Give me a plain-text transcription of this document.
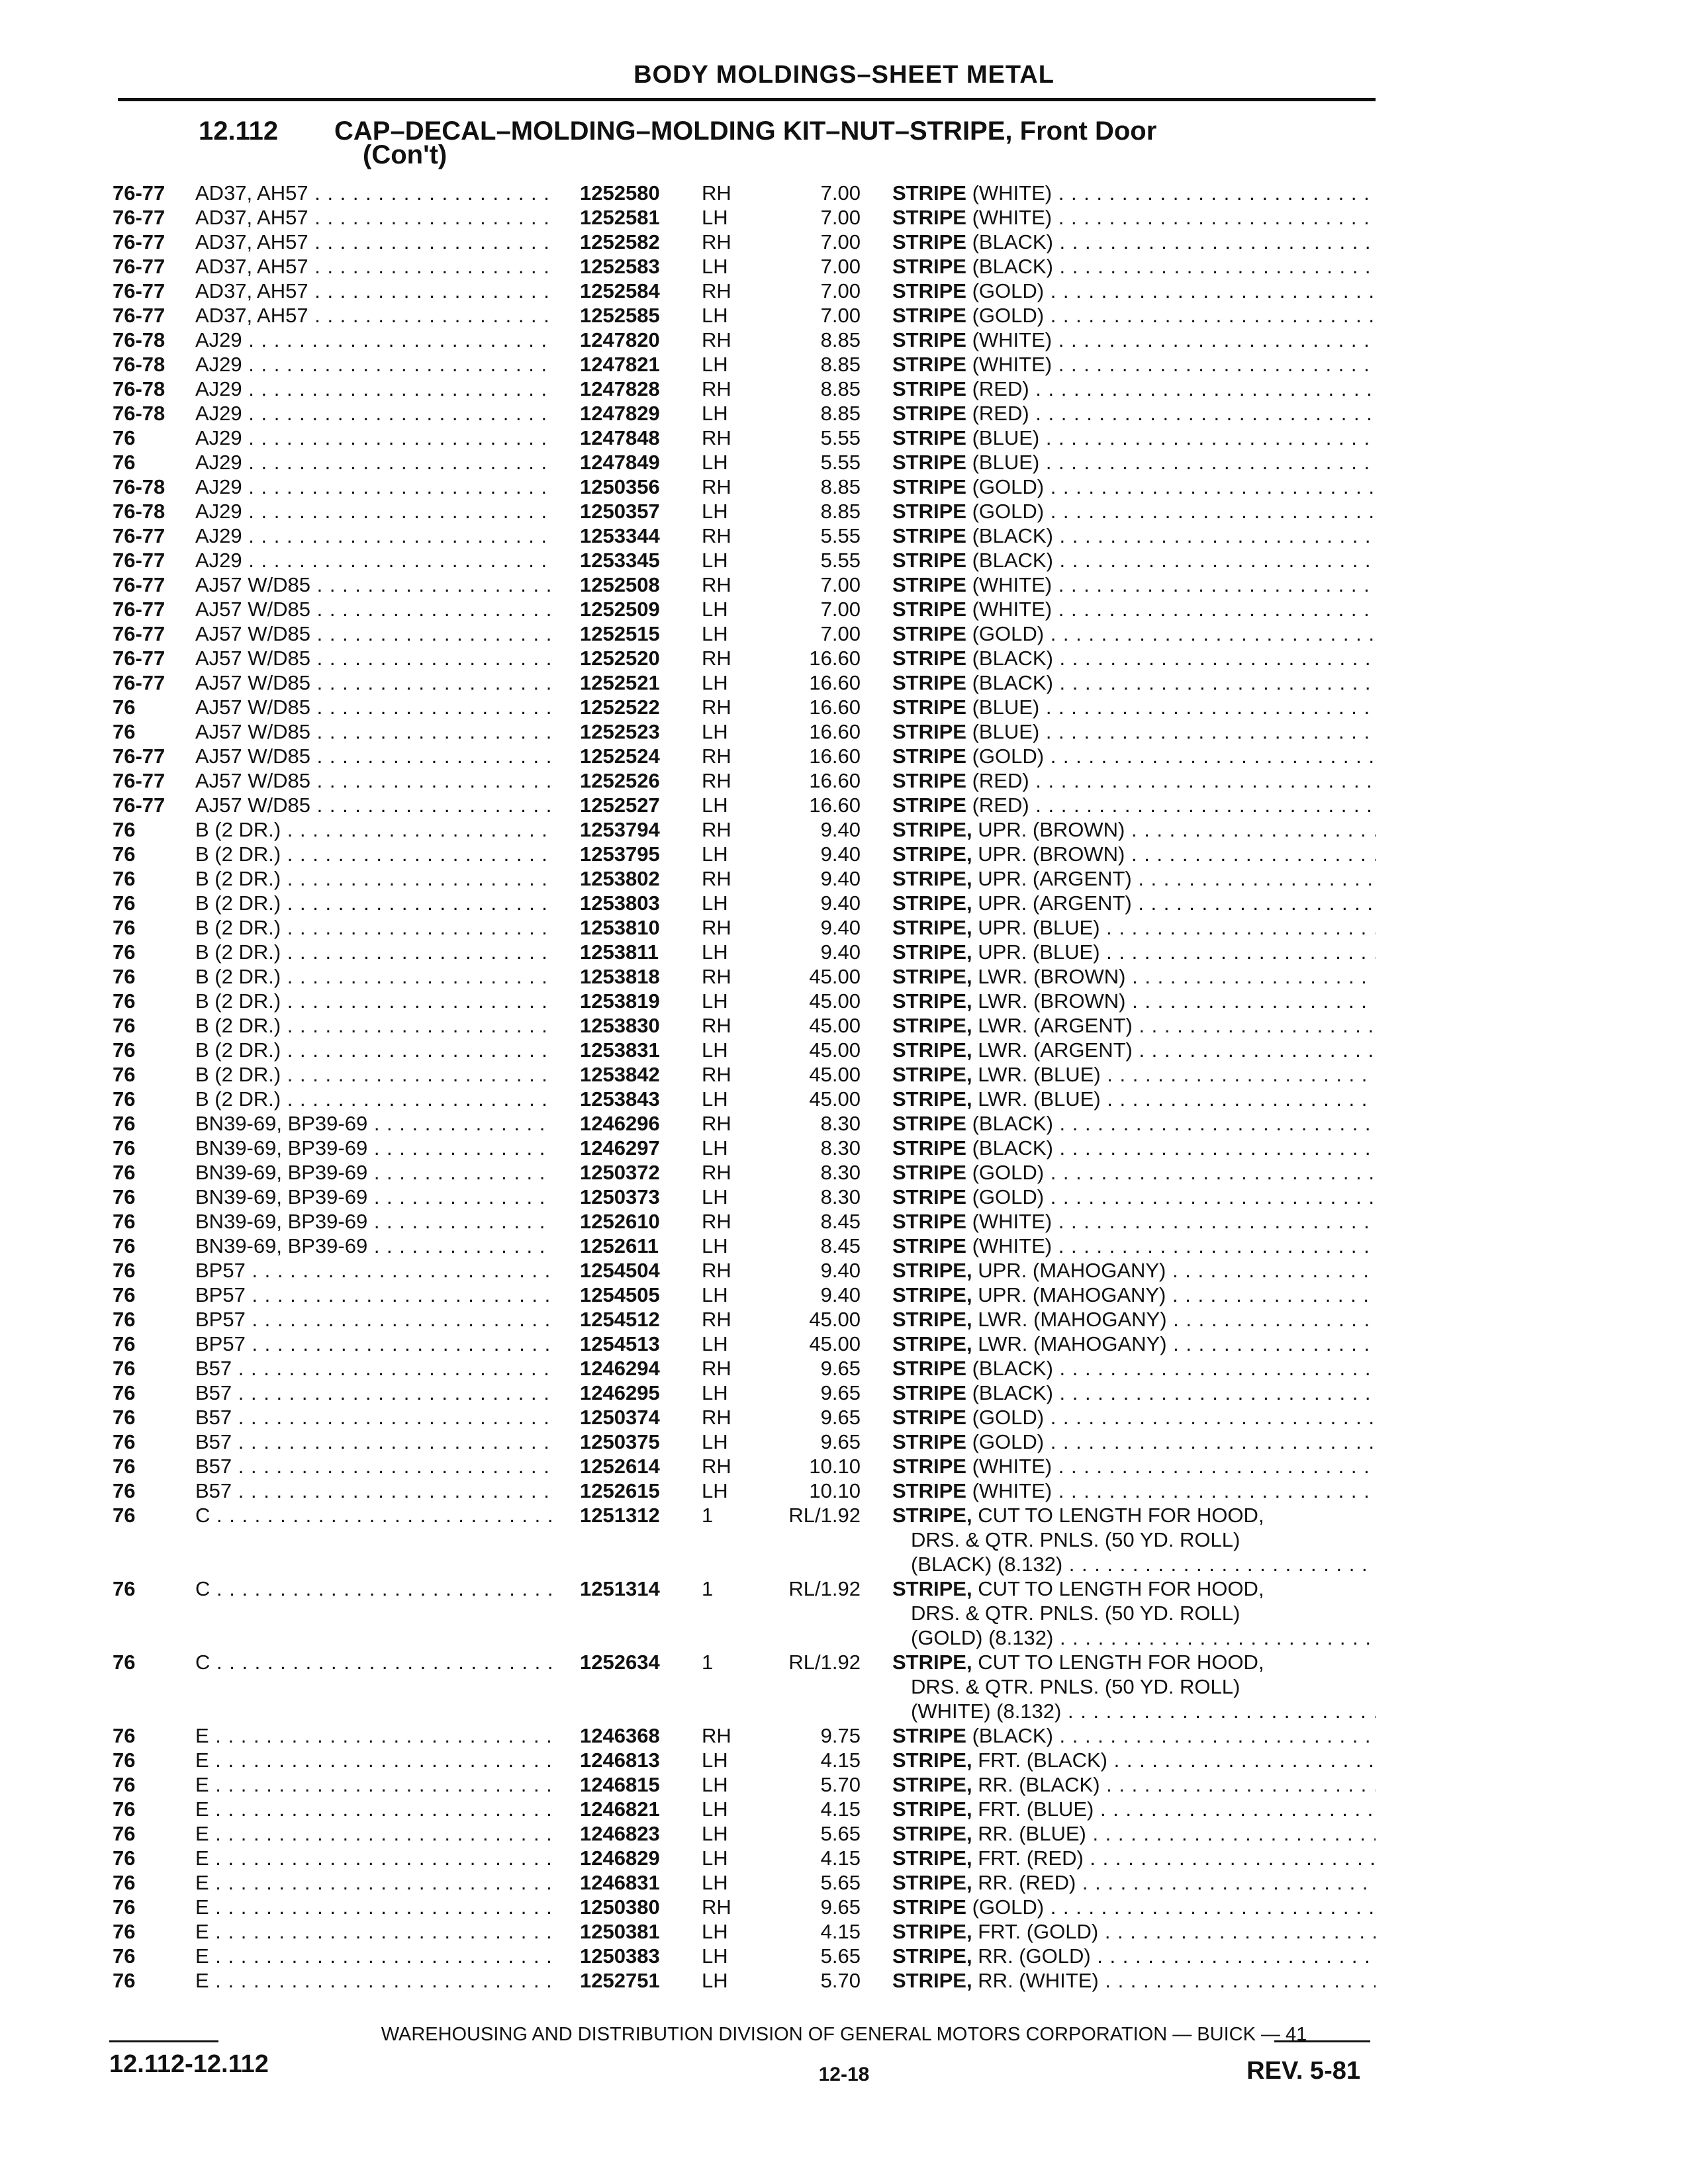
BODY MOLDINGS–SHEET METAL
12.112 CAP–DECAL–MOLDING–MOLDING KIT–NUT–STRIPE, Front Door
(Con't)
76-77 AD37, AH57 . . .	1252580 RH	7.00 STRIPE (WHITE) . . .
76-77 AD37, AH57 . . .	1252581 LH	7.00 STRIPE (WHITE) . . .
76-77 AD37, AH57 . . .	1252582 RH	7.00 STRIPE (BLACK) . . .
76-77 AD37, AH57 . . .	1252583 LH	7.00 STRIPE (BLACK) . . .
76-77 AD37, AH57 . . .	1252584 RH	7.00 STRIPE (GOLD) . . .
76-77 AD37, AH57 . . .	1252585 LH	7.00 STRIPE (GOLD) . . .
76-78 AJ29 . . .	1247820 RH	8.85 STRIPE (WHITE) . . .
76-78 AJ29 . . .	1247821 LH	8.85 STRIPE (WHITE) . . .
76-78 AJ29 . . .	1247828 RH	8.85 STRIPE (RED) . . .
76-78 AJ29 . . .	1247829 LH	8.85 STRIPE (RED) . . .
76	AJ29 . . .	1247848 RH	5.55 STRIPE (BLUE) . . .
76	AJ29 . . .	1247849 LH	5.55 STRIPE (BLUE) . . .
76-78 AJ29 . . .	1250356 RH	8.85 STRIPE (GOLD) . . .
76-78 AJ29 . . .	1250357 LH	8.85 STRIPE (GOLD) . . .
76-77 AJ29 . . .	1253344 RH	5.55 STRIPE (BLACK) . . .
76-77 AJ29 . . .	1253345 LH	5.55 STRIPE (BLACK) . . .
76-77 AJ57 W/D85 . . .	1252508 RH	7.00 STRIPE (WHITE) . . .
76-77 AJ57 W/D85 . . .	1252509 LH	7.00 STRIPE (WHITE) . . .
76-77 AJ57 W/D85 . . .	1252515 LH	7.00 STRIPE (GOLD) . . .
76-77 AJ57 W/D85 . . .	1252520 RH	16.60 STRIPE (BLACK) . . .
76-77 AJ57 W/D85 . . .	1252521 LH	16.60 STRIPE (BLACK) . . .
76	AJ57 W/D85 . . .	1252522 RH	16.60 STRIPE (BLUE) . . .
76	AJ57 W/D85 . . .	1252523 LH	16.60 STRIPE (BLUE) . . .
76-77 AJ57 W/D85 . . .	1252524 RH	16.60 STRIPE (GOLD) . . .
76-77 AJ57 W/D85 . . .	1252526 RH	16.60 STRIPE (RED) . . .
76-77 AJ57 W/D85 . . .	1252527 LH	16.60 STRIPE (RED) . . .
76	B (2 DR.) . . .	1253794 RH	9.40 STRIPE, UPR. (BROWN) . . .
76	B (2 DR.) . . .	1253795 LH	9.40 STRIPE, UPR. (BROWN) . . .
76	B (2 DR.) . . .	1253802 RH	9.40 STRIPE, UPR. (ARGENT) . . .
76	B (2 DR.) . . .	1253803 LH	9.40 STRIPE, UPR. (ARGENT) . . .
76	B (2 DR.) . . .	1253810 RH	9.40 STRIPE, UPR. (BLUE) . . .
76	B (2 DR.) . . .	1253811 LH	9.40 STRIPE, UPR. (BLUE) . . .
76	B (2 DR.) . . .	1253818 RH	45.00 STRIPE, LWR. (BROWN) . . .
76	B (2 DR.) . . .	1253819 LH	45.00 STRIPE, LWR. (BROWN) . . .
76	B (2 DR.) . . .	1253830 RH	45.00 STRIPE, LWR. (ARGENT) . . .
76	B (2 DR.) . . .	1253831 LH	45.00 STRIPE, LWR. (ARGENT) . . .
76	B (2 DR.) . . .	1253842 RH	45.00 STRIPE, LWR. (BLUE) . . .
76	B (2 DR.) . . .	1253843 LH	45.00 STRIPE, LWR. (BLUE) . . .
76	BN39-69, BP39-69 . . .	1246296 RH	8.30 STRIPE (BLACK) . . .
76	BN39-69, BP39-69 . . .	1246297 LH	8.30 STRIPE (BLACK) . . .
76	BN39-69, BP39-69 . . .	1250372 RH	8.30 STRIPE (GOLD) . . .
76	BN39-69, BP39-69 . . .	1250373 LH	8.30 STRIPE (GOLD) . . .
76	BN39-69, BP39-69 . . .	1252610 RH	8.45 STRIPE (WHITE) . . .
76	BN39-69, BP39-69 . . .	1252611 LH	8.45 STRIPE (WHITE) . . .
76	BP57 . . .	1254504 RH	9.40 STRIPE, UPR. (MAHOGANY) . . .
76	BP57 . . .	1254505 LH	9.40 STRIPE, UPR. (MAHOGANY) . . .
76	BP57 . . .	1254512 RH	45.00 STRIPE, LWR. (MAHOGANY) . . .
76	BP57 . . .	1254513 LH	45.00 STRIPE, LWR. (MAHOGANY) . . .
76	B57 . . .	1246294 RH	9.65 STRIPE (BLACK) . . .
76	B57 . . .	1246295 LH	9.65 STRIPE (BLACK) . . .
76	B57 . . .	1250374 RH	9.65 STRIPE (GOLD) . . .
76	B57 . . .	1250375 LH	9.65 STRIPE (GOLD) . . .
76	B57 . . .	1252614 RH	10.10 STRIPE (WHITE) . . .
76	B57 . . .	1252615 LH	10.10 STRIPE (WHITE) . . .
76	C . . .	1251312 1	RL/1.92 STRIPE, CUT TO LENGTH FOR HOOD,
DRS. & QTR. PNLS. (50 YD. ROLL)
(BLACK) (8.132) . . .
76	C . . .	1251314 1	RL/1.92 STRIPE, CUT TO LENGTH FOR HOOD,
DRS. & QTR. PNLS. (50 YD. ROLL)
(GOLD) (8.132) . . .
76	C . . .	1252634 1	RL/1.92 STRIPE, CUT TO LENGTH FOR HOOD,
DRS. & QTR. PNLS. (50 YD. ROLL)
(WHITE) (8.132) . . .
76	E . . .	1246368 RH	9.75 STRIPE (BLACK) . . .
76	E . . .	1246813 LH	4.15 STRIPE, FRT. (BLACK) . . .
76	E . . .	1246815 LH	5.70 STRIPE, RR. (BLACK) . . .
76	E . . .	1246821 LH	4.15 STRIPE, FRT. (BLUE) . . .
76	E . . .	1246823 LH	5.65 STRIPE, RR. (BLUE) . . .
76	E . . .	1246829 LH	4.15 STRIPE, FRT. (RED) . . .
76	E . . .	1246831 LH	5.65 STRIPE, RR. (RED) . . .
76	E . . .	1250380 RH	9.65 STRIPE (GOLD) . . .
76	E . . .	1250381 LH	4.15 STRIPE, FRT. (GOLD) . . .
76	E . . .	1250383 LH	5.65 STRIPE, RR. (GOLD) . . .
76	E . . .	1252751 LH	5.70 STRIPE, RR. (WHITE) . . .
WAREHOUSING AND DISTRIBUTION DIVISION OF GENERAL MOTORS CORPORATION — BUICK — 41
12.112-12.112	12-18	REV. 5-81
